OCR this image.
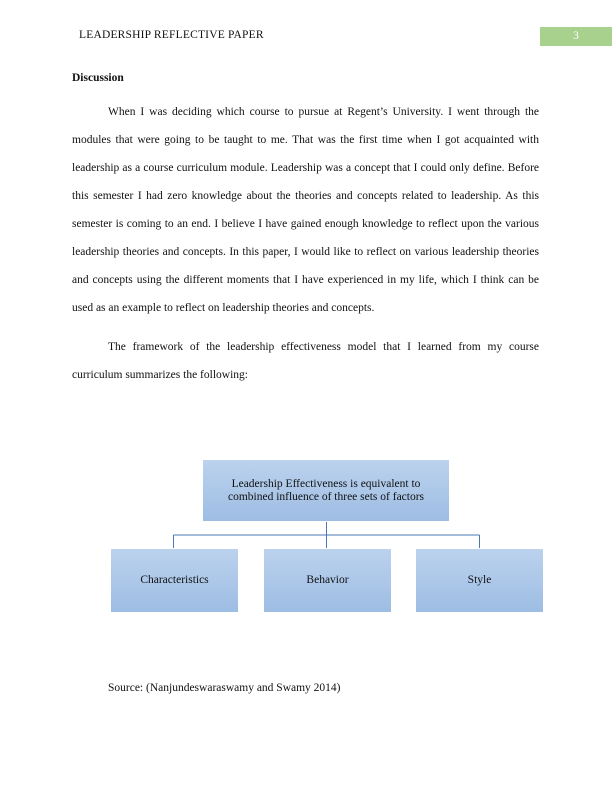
LEADERSHIP REFLECTIVE PAPER	3
Discussion

When I was deciding which course to pursue at Regent’s University. I went through the modules that were going to be taught to me. That was the first time when I got acquainted with leadership as a course curriculum module. Leadership was a concept that I could only define. Before this semester I had zero knowledge about the theories and concepts related to leadership. As this semester is coming to an end. I believe I have gained enough knowledge to reflect upon the various leadership theories and concepts. In this paper, I would like to reflect on various leadership theories and concepts using the different moments that I have experienced in my life, which I think can be used as an example to reflect on leadership theories and concepts.

The framework of the leadership effectiveness model that I learned from my course curriculum summarizes the following:

Leadership Effectiveness is equivalent to combined influence of three sets of factors
Characteristics	Behavior	Style
Source: (Nanjundeswaraswamy and Swamy 2014)
